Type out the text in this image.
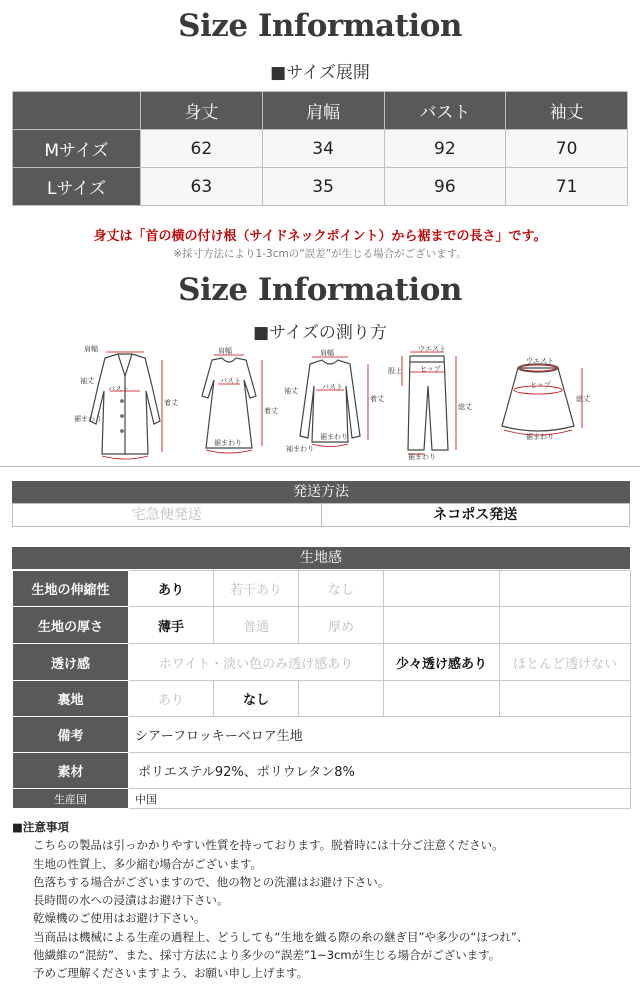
Size Information
■サイズ展開
	身丈	肩幅	バスト	袖丈
Mサイズ	62	34	92	70
Lサイズ	63	35	96	71
身丈は「首の横の付け根（サイドネックポイント）から裾までの長さ」です。
※採寸方法により1-3cmの“誤差”が生じる場合がございます。
Size Information
■サイズの測り方
肩幅
袖丈
バスト
着丈
裾まわり
肩幅
バスト
着丈
裾まわり
肩幅
バスト
着丈
袖丈
裾まわり
袖まわり
ウエスト
ヒップ
股上
総丈
裾まわり
ウエスト
ヒップ
総丈
裾まわり
発送方法
宅急便発送	ネコポス発送
生地感
生地の伸縮性	あり	若干あり	なし		
生地の厚さ	薄手	普通	厚め		
透け感	ホワイト・淡い色のみ透け感あり			少々透け感あり	ほとんど透けない
裏地	あり	なし			
備考	シアーフロッキーベロア生地				
素材	ポリエステル92%、ポリウレタン8%				
生産国	中国				
■注意事項
こちらの製品は引っかかりやすい性質を持っております。脱着時には十分ご注意ください。
生地の性質上、多少縮む場合がございます。
色落ちする場合がございますので、他の物との洗濯はお避け下さい。
長時間の水への浸漬はお避け下さい。
乾燥機のご使用はお避け下さい。
当商品は機械による生産の過程上、どうしても“生地を織る際の糸の継ぎ目”や多少の“ほつれ”、
他繊維の“混紡”、また、採寸方法により多少の“誤差”1~3cmが生じる場合がございます。
予めご理解くださいますよう、お願い申し上げます。
